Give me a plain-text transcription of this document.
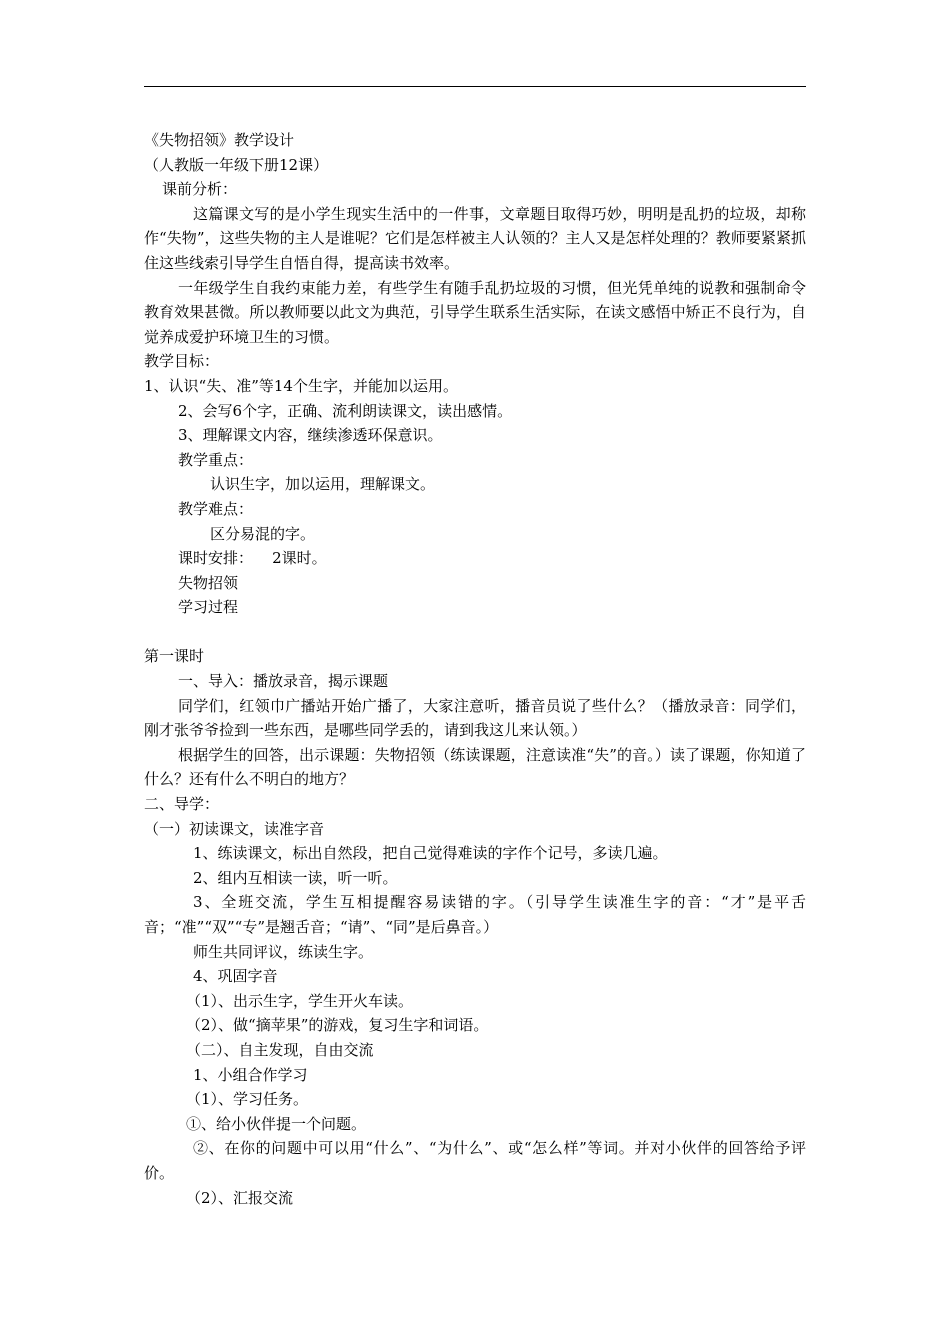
《失物招领》教学设计

（人教版一年级下册12课）

课前分析：

这篇课文写的是小学生现实生活中的一件事，文章题目取得巧妙，明明是乱扔的垃圾，却称作“失物”，这些失物的主人是谁呢？它们是怎样被主人认领的？主人又是怎样处理的？教师要紧紧抓住这些线索引导学生自悟自得，提高读书效率。

一年级学生自我约束能力差，有些学生有随手乱扔垃圾的习惯，但光凭单纯的说教和强制命令教育效果甚微。所以教师要以此文为典范，引导学生联系生活实际，在读文感悟中矫正不良行为，自觉养成爱护环境卫生的习惯。

教学目标：

1、认识“失、准”等14个生字，并能加以运用。

2、会写6个字，正确、流利朗读课文，读出感情。

3、理解课文内容，继续渗透环保意识。

教学重点：

认识生字，加以运用，理解课文。

教学难点：

区分易混的字。

课时安排：    2课时。

失物招领

学习过程

第一课时

一、导入：播放录音，揭示课题

同学们，红领巾广播站开始广播了，大家注意听，播音员说了些什么？（播放录音：同学们，刚才张爷爷捡到一些东西，是哪些同学丢的，请到我这儿来认领。）

根据学生的回答，出示课题：失物招领（练读课题，注意读准“失”的音。）读了课题，你知道了什么？还有什么不明白的地方？

二、导学：

（一）初读课文，读准字音

1、练读课文，标出自然段，把自己觉得难读的字作个记号，多读几遍。

2、组内互相读一读，听一听。

3、全班交流，学生互相提醒容易读错的字。（引导学生读准生字的音：“才”是平舌音；“准”“双”“专”是翘舌音；“请”、“同”是后鼻音。）

师生共同评议，练读生字。

4、巩固字音

（1）、出示生字，学生开火车读。

（2）、做“摘苹果”的游戏，复习生字和词语。

（二）、自主发现，自由交流

1、小组合作学习

（1）、学习任务。

①、给小伙伴提一个问题。

②、在你的问题中可以用“什么”、“为什么”、或“怎么样”等词。并对小伙伴的回答给予评价。

（2）、汇报交流
